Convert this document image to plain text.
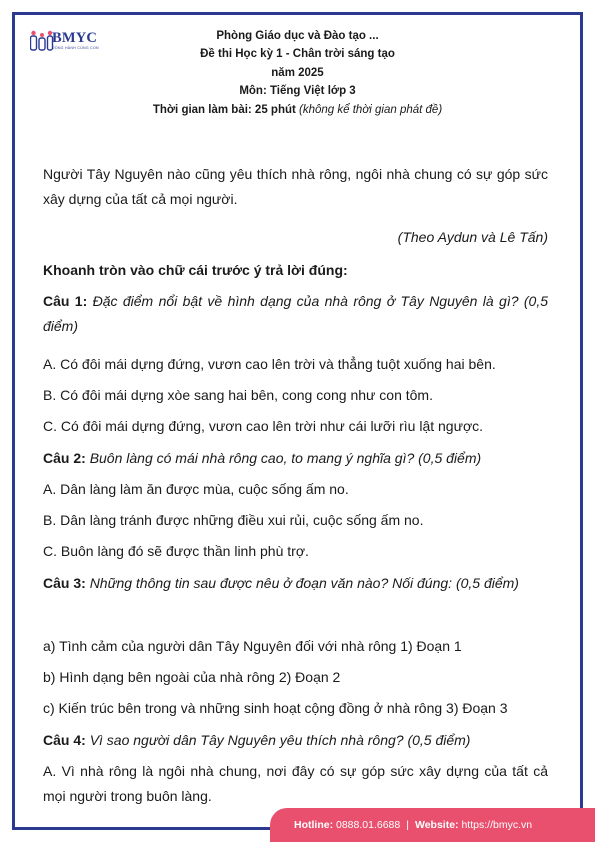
BMYC
ĐỒNG HÀNH CÙNG CON
Phòng Giáo dục và Đào tạo ...
Đề thi Học kỳ 1 - Chân trời sáng tạo
năm 2025
Môn: Tiếng Việt lớp 3
Thời gian làm bài: 25 phút (không kể thời gian phát đề)
Người Tây Nguyên nào cũng yêu thích nhà rông, ngôi nhà chung có sự góp sức xây dựng của tất cả mọi người.
(Theo Aydun và Lê Tấn)
Khoanh tròn vào chữ cái trước ý trả lời đúng:
Câu 1: Đặc điểm nổi bật về hình dạng của nhà rông ở Tây Nguyên là gì? (0,5 điểm)
A. Có đôi mái dựng đứng, vươn cao lên trời và thẳng tuột xuống hai bên.
B. Có đôi mái dựng xòe sang hai bên, cong cong như con tôm.
C. Có đôi mái dựng đứng, vươn cao lên trời như cái lưỡi rìu lật ngược.
Câu 2: Buôn làng có mái nhà rông cao, to mang ý nghĩa gì? (0,5 điểm)
A. Dân làng làm ăn được mùa, cuộc sống ấm no.
B. Dân làng tránh được những điều xui rủi, cuộc sống ấm no.
C. Buôn làng đó sẽ được thần linh phù trợ.
Câu 3: Những thông tin sau được nêu ở đoạn văn nào? Nối đúng: (0,5 điểm)
a) Tình cảm của người dân Tây Nguyên đối với nhà rông 1) Đoạn 1
b) Hình dạng bên ngoài của nhà rông 2) Đoạn 2
c) Kiến trúc bên trong và những sinh hoạt cộng đồng ở nhà rông 3) Đoạn 3
Câu 4: Vì sao người dân Tây Nguyên yêu thích nhà rông? (0,5 điểm)
A. Vì nhà rông là ngôi nhà chung, nơi đây có sự góp sức xây dựng của tất cả mọi người trong buôn làng.
Hotline:
0888.01.6688 | Website:
https://bmyc.vn
